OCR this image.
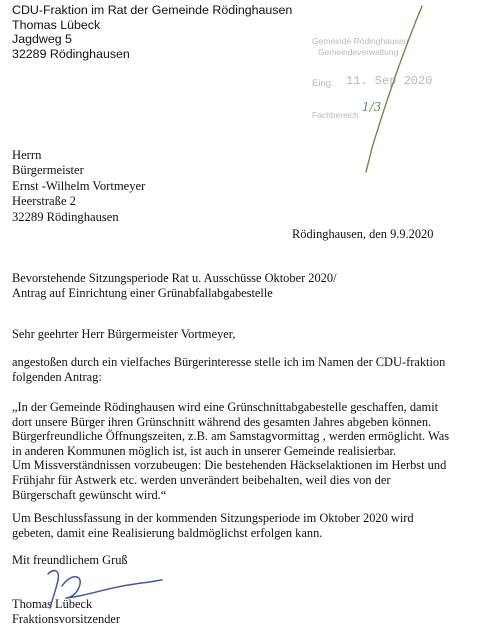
CDU-Fraktion im Rat der Gemeinde Rödinghausen
Thomas Lübeck
Jagdweg 5
32289 Rödinghausen
Gemeinde Rödinghausen
Gemeindeverwaltung
Eing. 11. Sep 2020
Fachbereich
1/3
Herrn
Bürgermeister
Ernst -Wilhelm Vortmeyer
Heerstraße 2
32289 Rödinghausen
Rödinghausen, den 9.9.2020
Bevorstehende Sitzungsperiode Rat u. Ausschüsse Oktober 2020/
Antrag auf Einrichtung einer Grünabfallabgabestelle
Sehr geehrter Herr Bürgermeister Vortmeyer,
angestoßen durch ein vielfaches Bürgerinteresse stelle ich im Namen der CDU-fraktion
folgenden Antrag:
„In der Gemeinde Rödinghausen wird eine Grünschnittabgabestelle geschaffen, damit
dort unsere Bürger ihren Grünschnitt während des gesamten Jahres abgeben können.
Bürgerfreundliche Öffnungszeiten, z.B. am Samstagvormittag , werden ermöglicht. Was
in anderen Kommunen möglich ist, ist auch in unserer Gemeinde realisierbar.
Um Missverständnissen vorzubeugen: Die bestehenden Häckselaktionen im Herbst und
Frühjahr für Astwerk etc. werden unverändert beibehalten, weil dies von der
Bürgerschaft gewünscht wird.“
Um Beschlussfassung in der kommenden Sitzungsperiode im Oktober 2020 wird
gebeten, damit eine Realisierung baldmöglichst erfolgen kann.
Mit freundlichem Gruß
Thomas Lübeck
Fraktionsvorsitzender
